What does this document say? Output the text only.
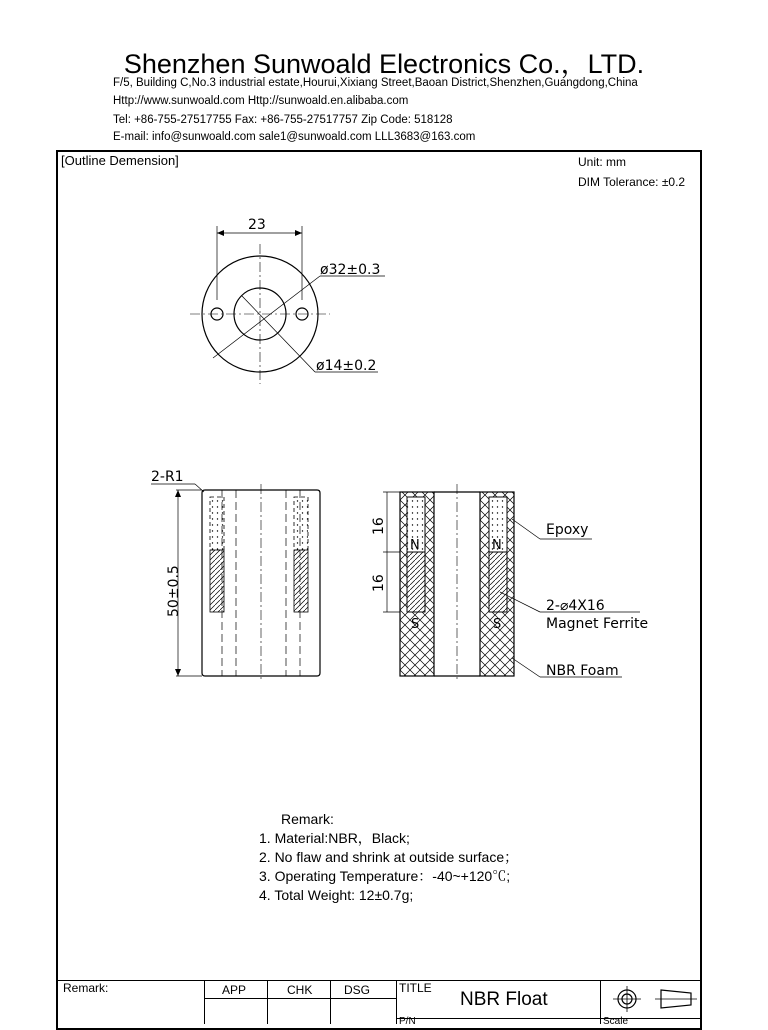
Shenzhen Sunwoald Electronics Co.，LTD.
F/5, Building C,No.3 industrial estate,Hourui,Xixiang Street,Baoan District,Shenzhen,Guangdong,China
Http://www.sunwoald.com Http://sunwoald.en.alibaba.com
Tel: +86-755-27517755 Fax: +86-755-27517757 Zip Code: 518128
E-mail: info@sunwoald.com sale1@sunwoald.com LLL3683@163.com
[Outline Demension]	Unit: mm
DIM Tolerance: ±0.2
23
ø32±0.3
ø14±0.2
2-R1
50±0.5
16
16
N	N
S	S
Epoxy
2-⌀4X16
Magnet Ferrite
NBR Foam
Remark:
1. Material:NBR，Black;
2. No flaw and shrink at outside surface；
3. Operating Temperature：-40~+120℃;
4. Total Weight: 12±0.7g;
Remark:	APP	CHK	DSG TITLE
NBR Float
P/N	Scale
